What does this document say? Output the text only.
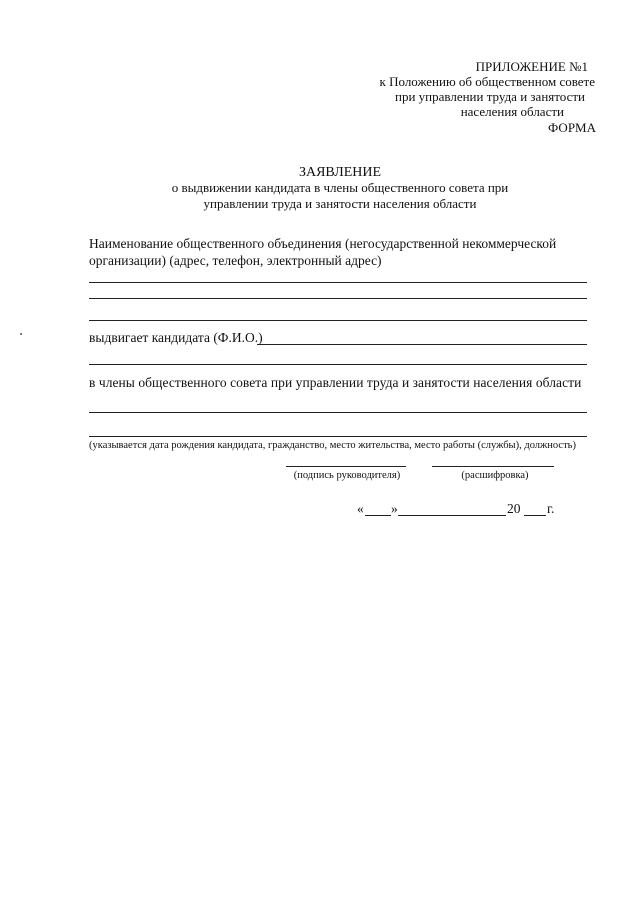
ПРИЛОЖЕНИЕ №1
к Положению об общественном совете
при управлении труда и занятости
населения области
ФОРМА
ЗАЯВЛЕНИЕ
о выдвижении кандидата в члены общественного совета при
управлении труда и занятости населения области
Наименование общественного объединения (негосударственной некоммерческой
организации) (адрес, телефон, электронный адрес)
выдвигает кандидата (Ф.И.О.)
в члены общественного совета при управлении труда и занятости населения области
(указывается дата рождения кандидата, гражданство, место жительства, место работы (службы), должность)
(подпись руководителя)	(расшифровка)
« »	20 г.
